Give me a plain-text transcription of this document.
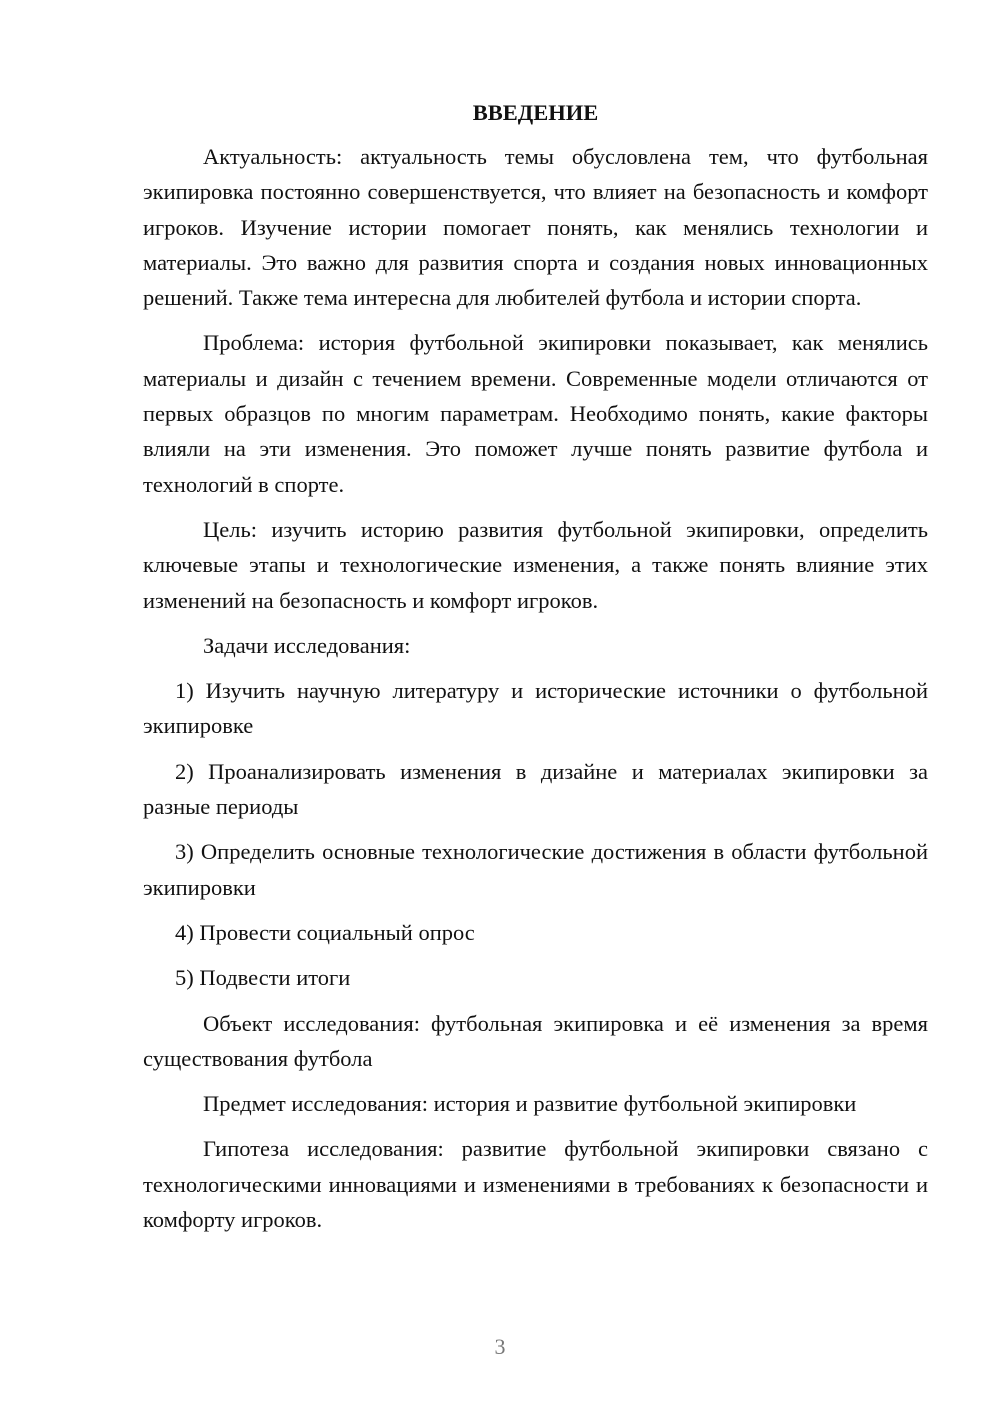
ВВЕДЕНИЕ

Актуальность: актуальность темы обусловлена тем, что футбольная экипировка постоянно совершенствуется, что влияет на безопасность и комфорт игроков. Изучение истории помогает понять, как менялись технологии и материалы. Это важно для развития спорта и создания новых инновационных решений. Также тема интересна для любителей футбола и истории спорта.

Проблема: история футбольной экипировки показывает, как менялись материалы и дизайн с течением времени. Современные модели отличаются от первых образцов по многим параметрам. Необходимо понять, какие факторы влияли на эти изменения. Это поможет лучше понять развитие футбола и технологий в спорте.

Цель: изучить историю развития футбольной экипировки, определить ключевые этапы и технологические изменения, а также понять влияние этих изменений на безопасность и комфорт игроков.

Задачи исследования:

1) Изучить научную литературу и исторические источники о футбольной экипировке

2) Проанализировать изменения в дизайне и материалах экипировки за разные периоды

3) Определить основные технологические достижения в области футбольной экипировки

4) Провести социальный опрос

5) Подвести итоги

Объект исследования: футбольная экипировка и её изменения за время существования футбола

Предмет исследования: история и развитие футбольной экипировки

Гипотеза исследования: развитие футбольной экипировки связано с технологическими инновациями и изменениями в требованиях к безопасности и комфорту игроков.

3
